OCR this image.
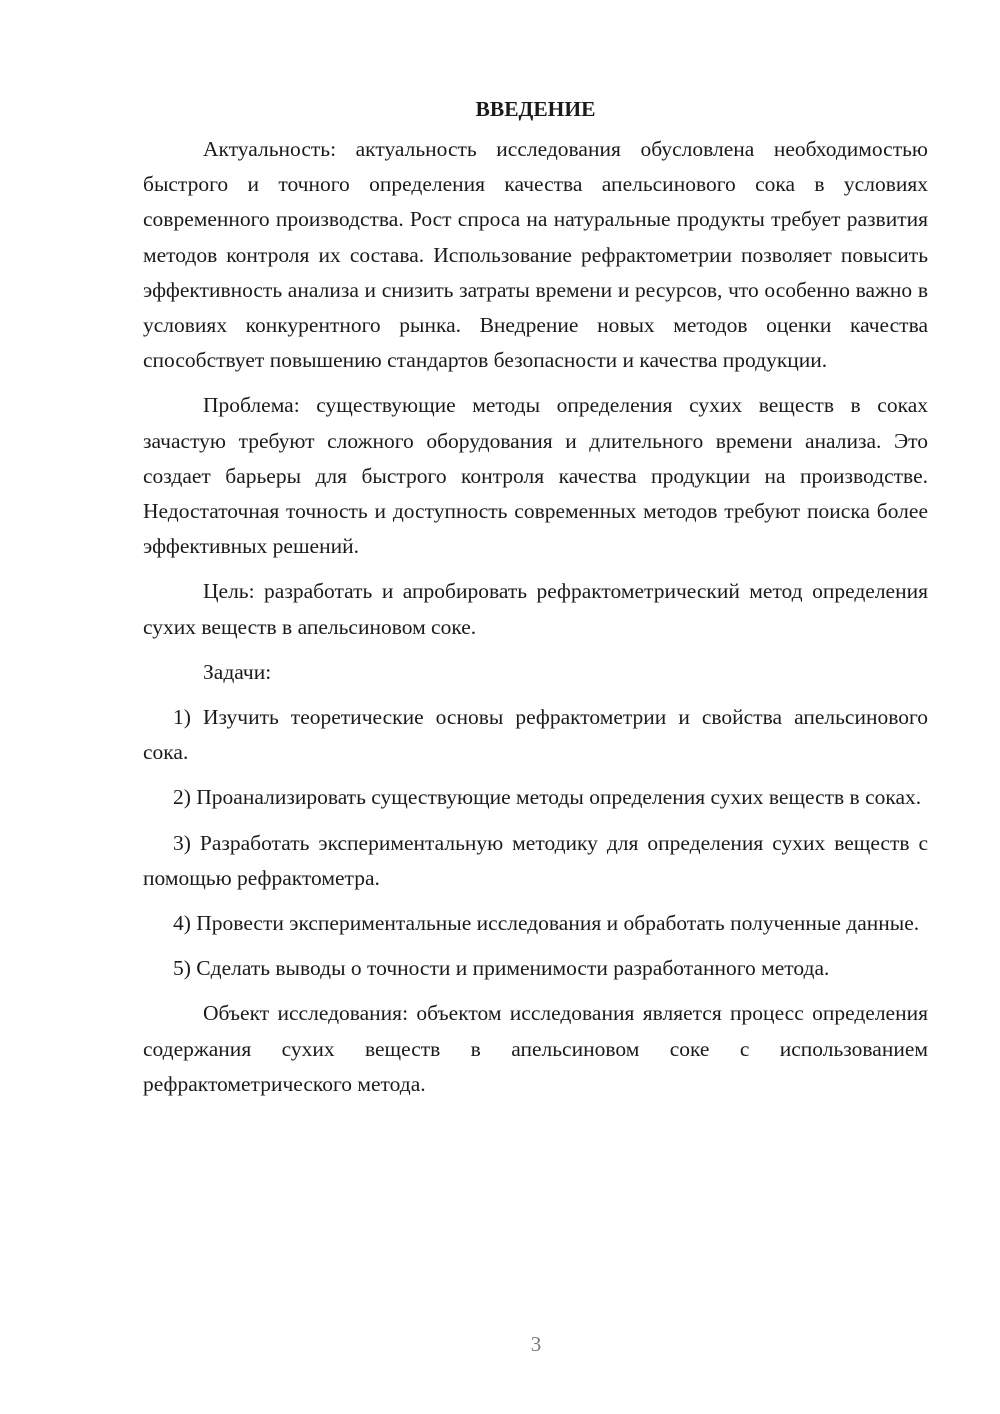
ВВЕДЕНИЕ

Актуальность: актуальность исследования обусловлена необходимостью быстрого и точного определения качества апельсинового сока в условиях современного производства. Рост спроса на натуральные продукты требует развития методов контроля их состава. Использование рефрактометрии позволяет повысить эффективность анализа и снизить затраты времени и ресурсов, что особенно важно в условиях конкурентного рынка. Внедрение новых методов оценки качества способствует повышению стандартов безопасности и качества продукции.

Проблема: существующие методы определения сухих веществ в соках зачастую требуют сложного оборудования и длительного времени анализа. Это создает барьеры для быстрого контроля качества продукции на производстве. Недостаточная точность и доступность современных методов требуют поиска более эффективных решений.

Цель: разработать и апробировать рефрактометрический метод определения сухих веществ в апельсиновом соке.

Задачи:

1) Изучить теоретические основы рефрактометрии и свойства апельсинового сока.

2) Проанализировать существующие методы определения сухих веществ в соках.

3) Разработать экспериментальную методику для определения сухих веществ с помощью рефрактометра.

4) Провести экспериментальные исследования и обработать полученные данные.

5) Сделать выводы о точности и применимости разработанного метода.

Объект исследования: объектом исследования является процесс определения содержания сухих веществ в апельсиновом соке с использованием рефрактометрического метода.

3
